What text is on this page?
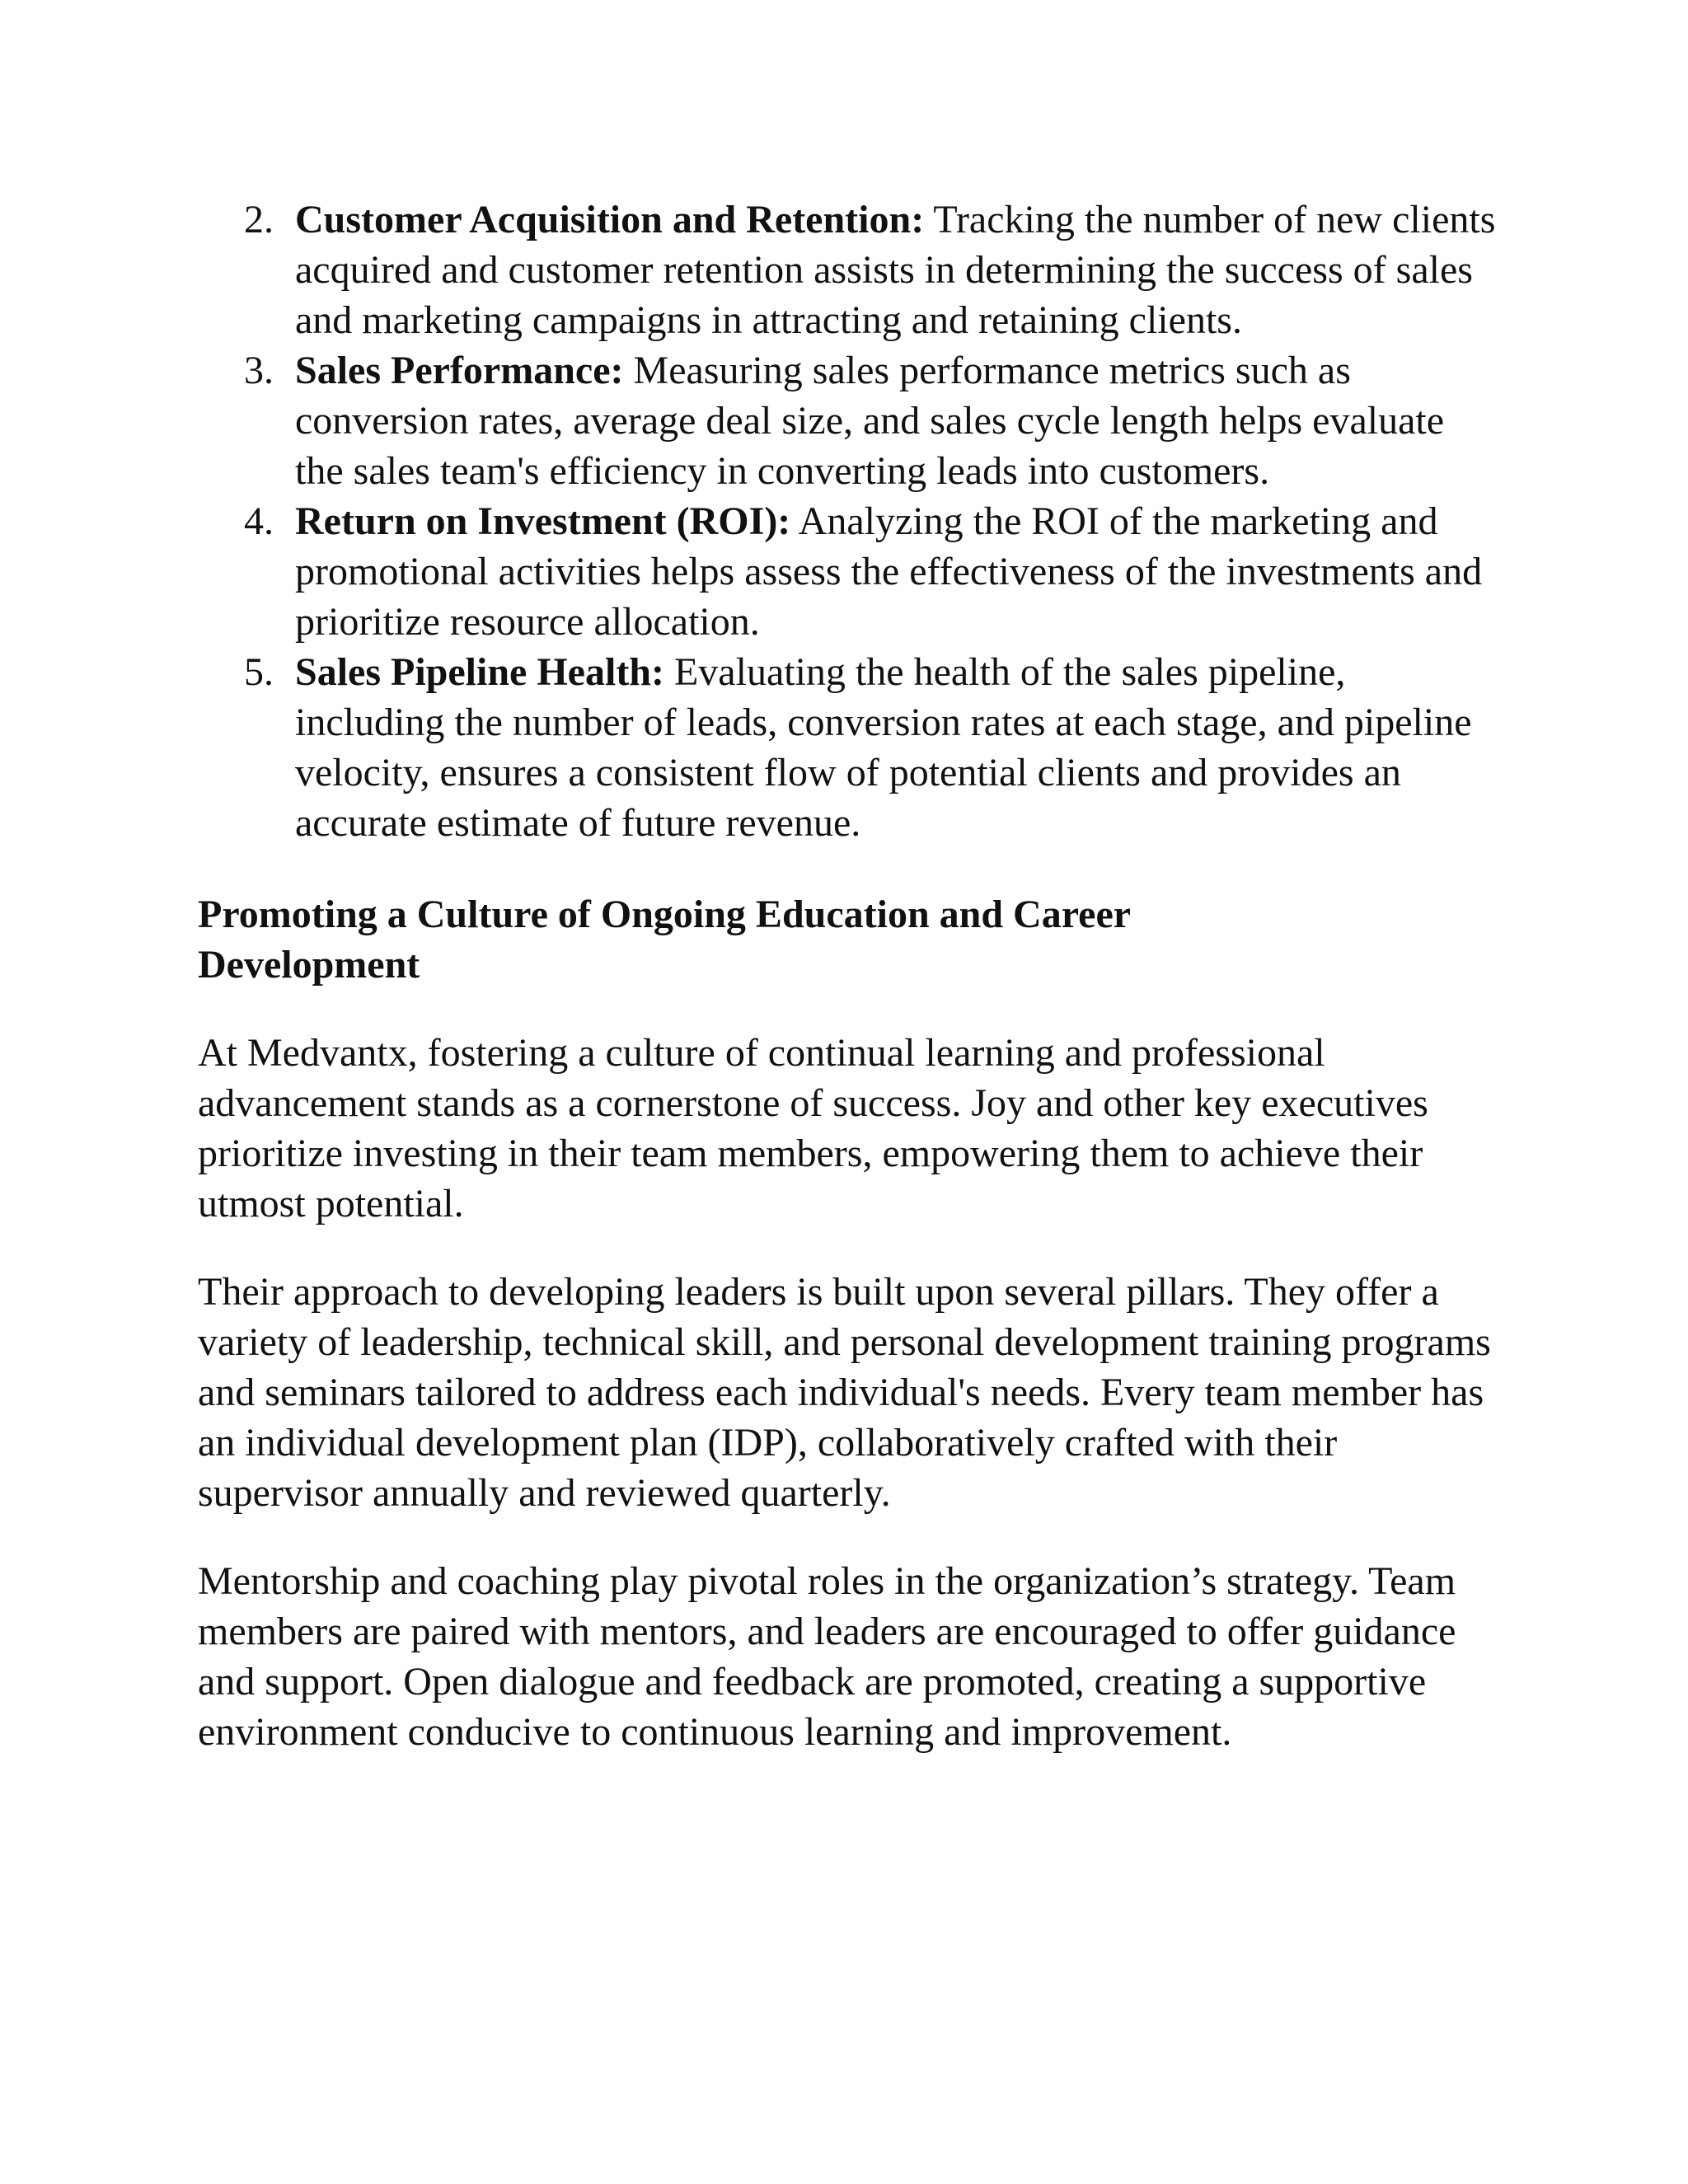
2. Customer Acquisition and Retention: Tracking the number of new clients acquired and customer retention assists in determining the success of sales and marketing campaigns in attracting and retaining clients.
3. Sales Performance: Measuring sales performance metrics such as conversion rates, average deal size, and sales cycle length helps evaluate the sales team's efficiency in converting leads into customers.
4. Return on Investment (ROI): Analyzing the ROI of the marketing and promotional activities helps assess the effectiveness of the investments and prioritize resource allocation.
5. Sales Pipeline Health: Evaluating the health of the sales pipeline, including the number of leads, conversion rates at each stage, and pipeline velocity, ensures a consistent flow of potential clients and provides an accurate estimate of future revenue.
Promoting a Culture of Ongoing Education and Career Development

At Medvantx, fostering a culture of continual learning and professional advancement stands as a cornerstone of success. Joy and other key executives prioritize investing in their team members, empowering them to achieve their utmost potential.

Their approach to developing leaders is built upon several pillars. They offer a variety of leadership, technical skill, and personal development training programs and seminars tailored to address each individual's needs. Every team member has an individual development plan (IDP), collaboratively crafted with their supervisor annually and reviewed quarterly.

Mentorship and coaching play pivotal roles in the organization’s strategy. Team members are paired with mentors, and leaders are encouraged to offer guidance and support. Open dialogue and feedback are promoted, creating a supportive environment conducive to continuous learning and improvement.
